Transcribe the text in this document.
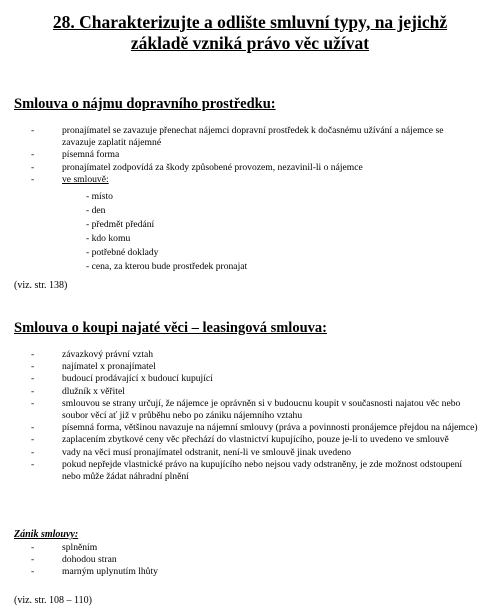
28. Charakterizujte a odlište smluvní typy, na jejichž
základě vzniká právo věc užívat
Smlouva o nájmu dopravního prostředku:
-	pronajímatel se zavazuje přenechat nájemci dopravní prostředek k dočasnému užívání a nájemce se zavazuje zaplatit nájemné
-	písemná forma
-	pronajímatel zodpovídá za škody způsobené provozem, nezavinil-li o nájemce
-	ve smlouvě:
- místo
- den
- předmět předání
- kdo komu
- potřebné doklady
- cena, za kterou bude prostředek pronajat
(viz. str. 138)
Smlouva o koupi najaté věci – leasingová smlouva:
-	závazkový právní vztah
-	najímatel x pronajímatel
-	budoucí prodávající x budoucí kupující
-	dlužník x věřitel
-	smlouvou se strany určují, že nájemce je oprávněn si v budoucnu koupit v současnosti najatou věc nebo soubor věcí ať již v průběhu nebo po zániku nájemního vztahu
-	písemná forma, většinou navazuje na nájemní smlouvy (práva a povinnosti pronájemce přejdou na nájemce)
-	zaplacením zbytkové ceny věc přechází do vlastnictví kupujícího, pouze je-li to uvedeno ve smlouvě
-	vady na věci musí pronajímatel odstranit, není-li ve smlouvě jinak uvedeno
-	pokud nepřejde vlastnické právo na kupujícího nebo nejsou vady odstraněny, je zde možnost odstoupení nebo může žádat náhradní plnění
Zánik smlouvy:
-	splněním
-	dohodou stran
-	marným uplynutím lhůty
(viz. str. 108 – 110)
